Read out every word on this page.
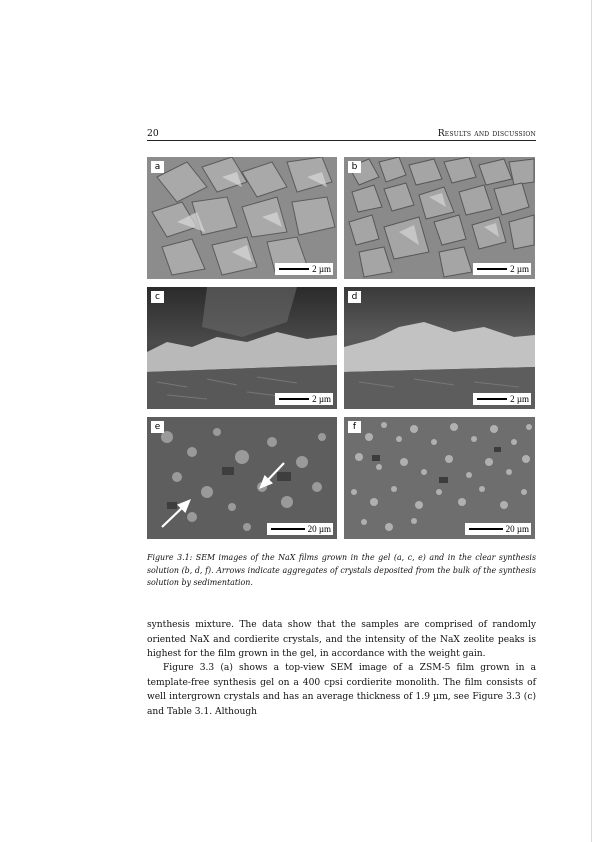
20	Results and discussion
a
2 µm
b
2 µm
c
2 µm
d
2 µm
e
20 µm
f
20 µm
Figure 3.1: SEM images of the NaX films grown in the gel (a, c, e) and in the clear synthesis solution (b, d, f). Arrows indicate aggregates of crystals deposited from the bulk of the synthesis solution by sedimentation.

synthesis mixture. The data show that the samples are comprised of randomly oriented NaX and cordierite crystals, and the intensity of the NaX zeolite peaks is highest for the film grown in the gel, in accordance with the weight gain.

Figure 3.3 (a) shows a top-view SEM image of a ZSM-5 film grown in a template-free synthesis gel on a 400 cpsi cordierite monolith. The film consists of well intergrown crystals and has an average thickness of 1.9 µm, see Figure 3.3 (c) and Table 3.1. Although
